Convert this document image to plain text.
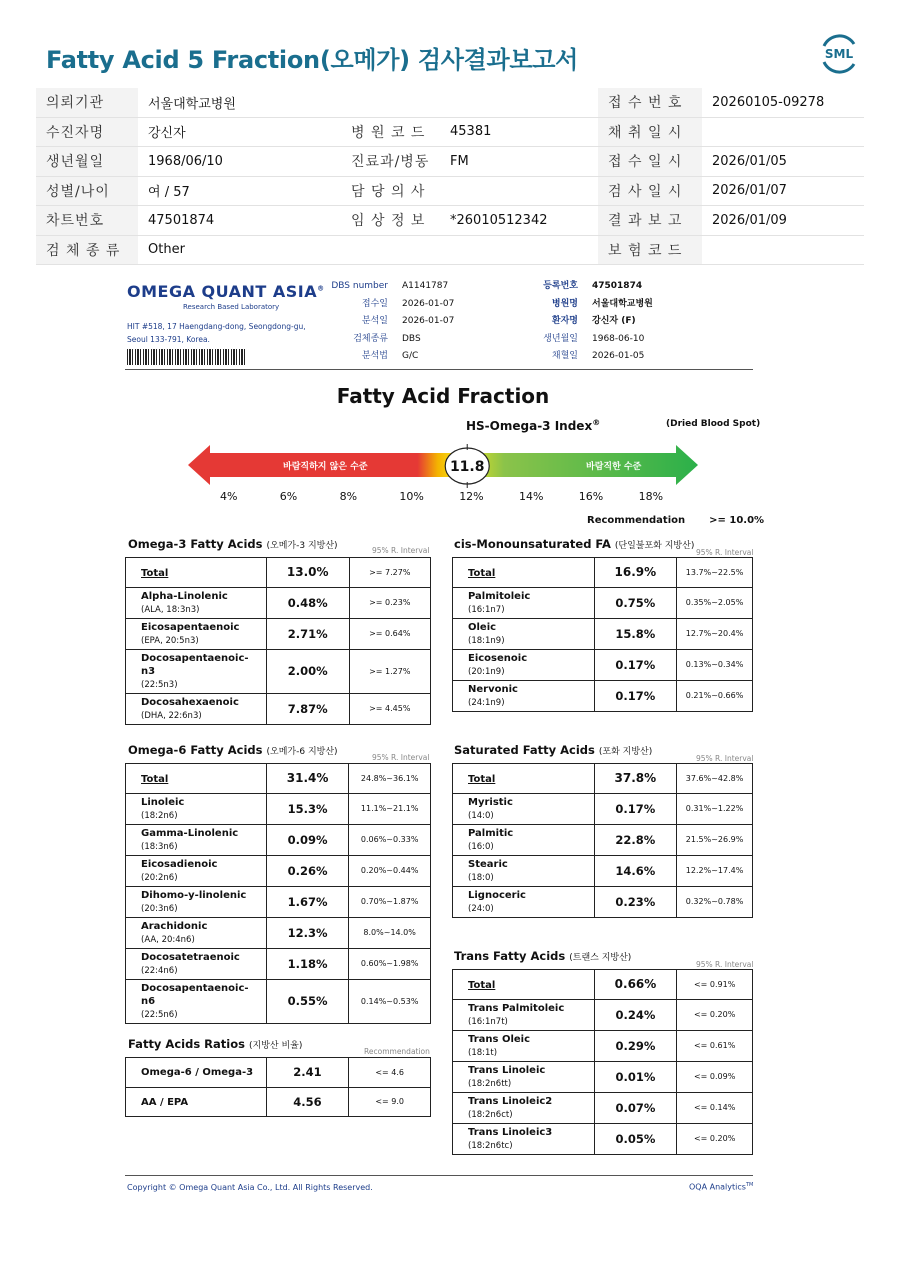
Fatty Acid 5 Fraction(오메가) 검사결과보고서	SML
의뢰기관	서울대학교병원			접 수 번 호	20260105-09278
수진자명	강신자	병 원 코 드	45381	채 취 일 시	
생년월일	1968/06/10	진료과/병동	FM	접 수 일 시	2026/01/05
성별/나이	여 / 57	담 당 의 사		검 사 일 시	2026/01/07
차트번호	47501874	임 상 정 보	*26010512342	결 과 보 고	2026/01/09
검 체 종 류	Other			보 험 코 드	
OMEGA QUANT ASIA®
Research Based Laboratory
HIT #518, 17 Haengdang-dong, Seongdong-gu,
Seoul 133-791, Korea.
DBS number A1141787
접수일 2026-01-07
분석일 2026-01-07
검체종류 DBS
분석법 G/C
등록번호 47501874
병원명 서울대학교병원
환자명 강신자 (F)
생년월일 1968-06-10
채혈일 2026-01-05
Fatty Acid Fraction
HS-Omega-3 Index®	(Dried Blood Spot)
바람직하지 않은 수준	바람직한 수준
11.8
4%	6%	8%	10%	12%	14%	16%	18%
Recommendation >= 10.0%
Omega-3 Fatty Acids (오메가-3 지방산)	95% R. Interval cis-Monounsaturated FA (단일불포화 지방산)
95% R. Interval
Omega-6 Fatty Acids (오메가-6 지방산)
95% R. Interval
Saturated Fatty Acids (포화 지방산)
95% R. Interval
Trans Fatty Acids (트랜스 지방산)
95% R. Interval
Fatty Acids Ratios (지방산 비율)
Recommendation
Total	13.0%	>= 7.27%
Alpha-Linolenic
(ALA, 18:3n3)	0.48%	>= 0.23%
Eicosapentaenoic
(EPA, 20:5n3)	2.71%	>= 0.64%
Docosapentaenoic-n3
(22:5n3)	2.00%	>= 1.27%
Docosahexaenoic
(DHA, 22:6n3)	7.87%	>= 4.45%
Total	16.9%	13.7%~22.5%
Palmitoleic
(16:1n7)	0.75%	0.35%~2.05%
Oleic
(18:1n9)	15.8%	12.7%~20.4%
Eicosenoic
(20:1n9)	0.17%	0.13%~0.34%
Nervonic
(24:1n9)	0.17%	0.21%~0.66%
Total	31.4%	24.8%~36.1%
Linoleic
(18:2n6)	15.3%	11.1%~21.1%
Gamma-Linolenic
(18:3n6)	0.09%	0.06%~0.33%
Eicosadienoic
(20:2n6)	0.26%	0.20%~0.44%
Dihomo-y-linolenic
(20:3n6)	1.67%	0.70%~1.87%
Arachidonic
(AA, 20:4n6)	12.3%	8.0%~14.0%
Docosatetraenoic
(22:4n6)	1.18%	0.60%~1.98%
Docosapentaenoic-n6
(22:5n6)	0.55%	0.14%~0.53%
Total	37.8%	37.6%~42.8%
Myristic
(14:0)	0.17%	0.31%~1.22%
Palmitic
(16:0)	22.8%	21.5%~26.9%
Stearic
(18:0)	14.6%	12.2%~17.4%
Lignoceric
(24:0)	0.23%	0.32%~0.78%
Total	0.66%	<= 0.91%
Trans Palmitoleic
(16:1n7t)	0.24%	<= 0.20%
Trans Oleic
(18:1t)	0.29%	<= 0.61%
Trans Linoleic
(18:2n6tt)	0.01%	<= 0.09%
Trans Linoleic2
(18:2n6ct)	0.07%	<= 0.14%
Trans Linoleic3
(18:2n6tc)	0.05%	<= 0.20%
Omega-6 / Omega-3	2.41	<= 4.6
AA / EPA	4.56	<= 9.0
Copyright © Omega Quant Asia Co., Ltd. All Rights Reserved.	OQA Analytics™
